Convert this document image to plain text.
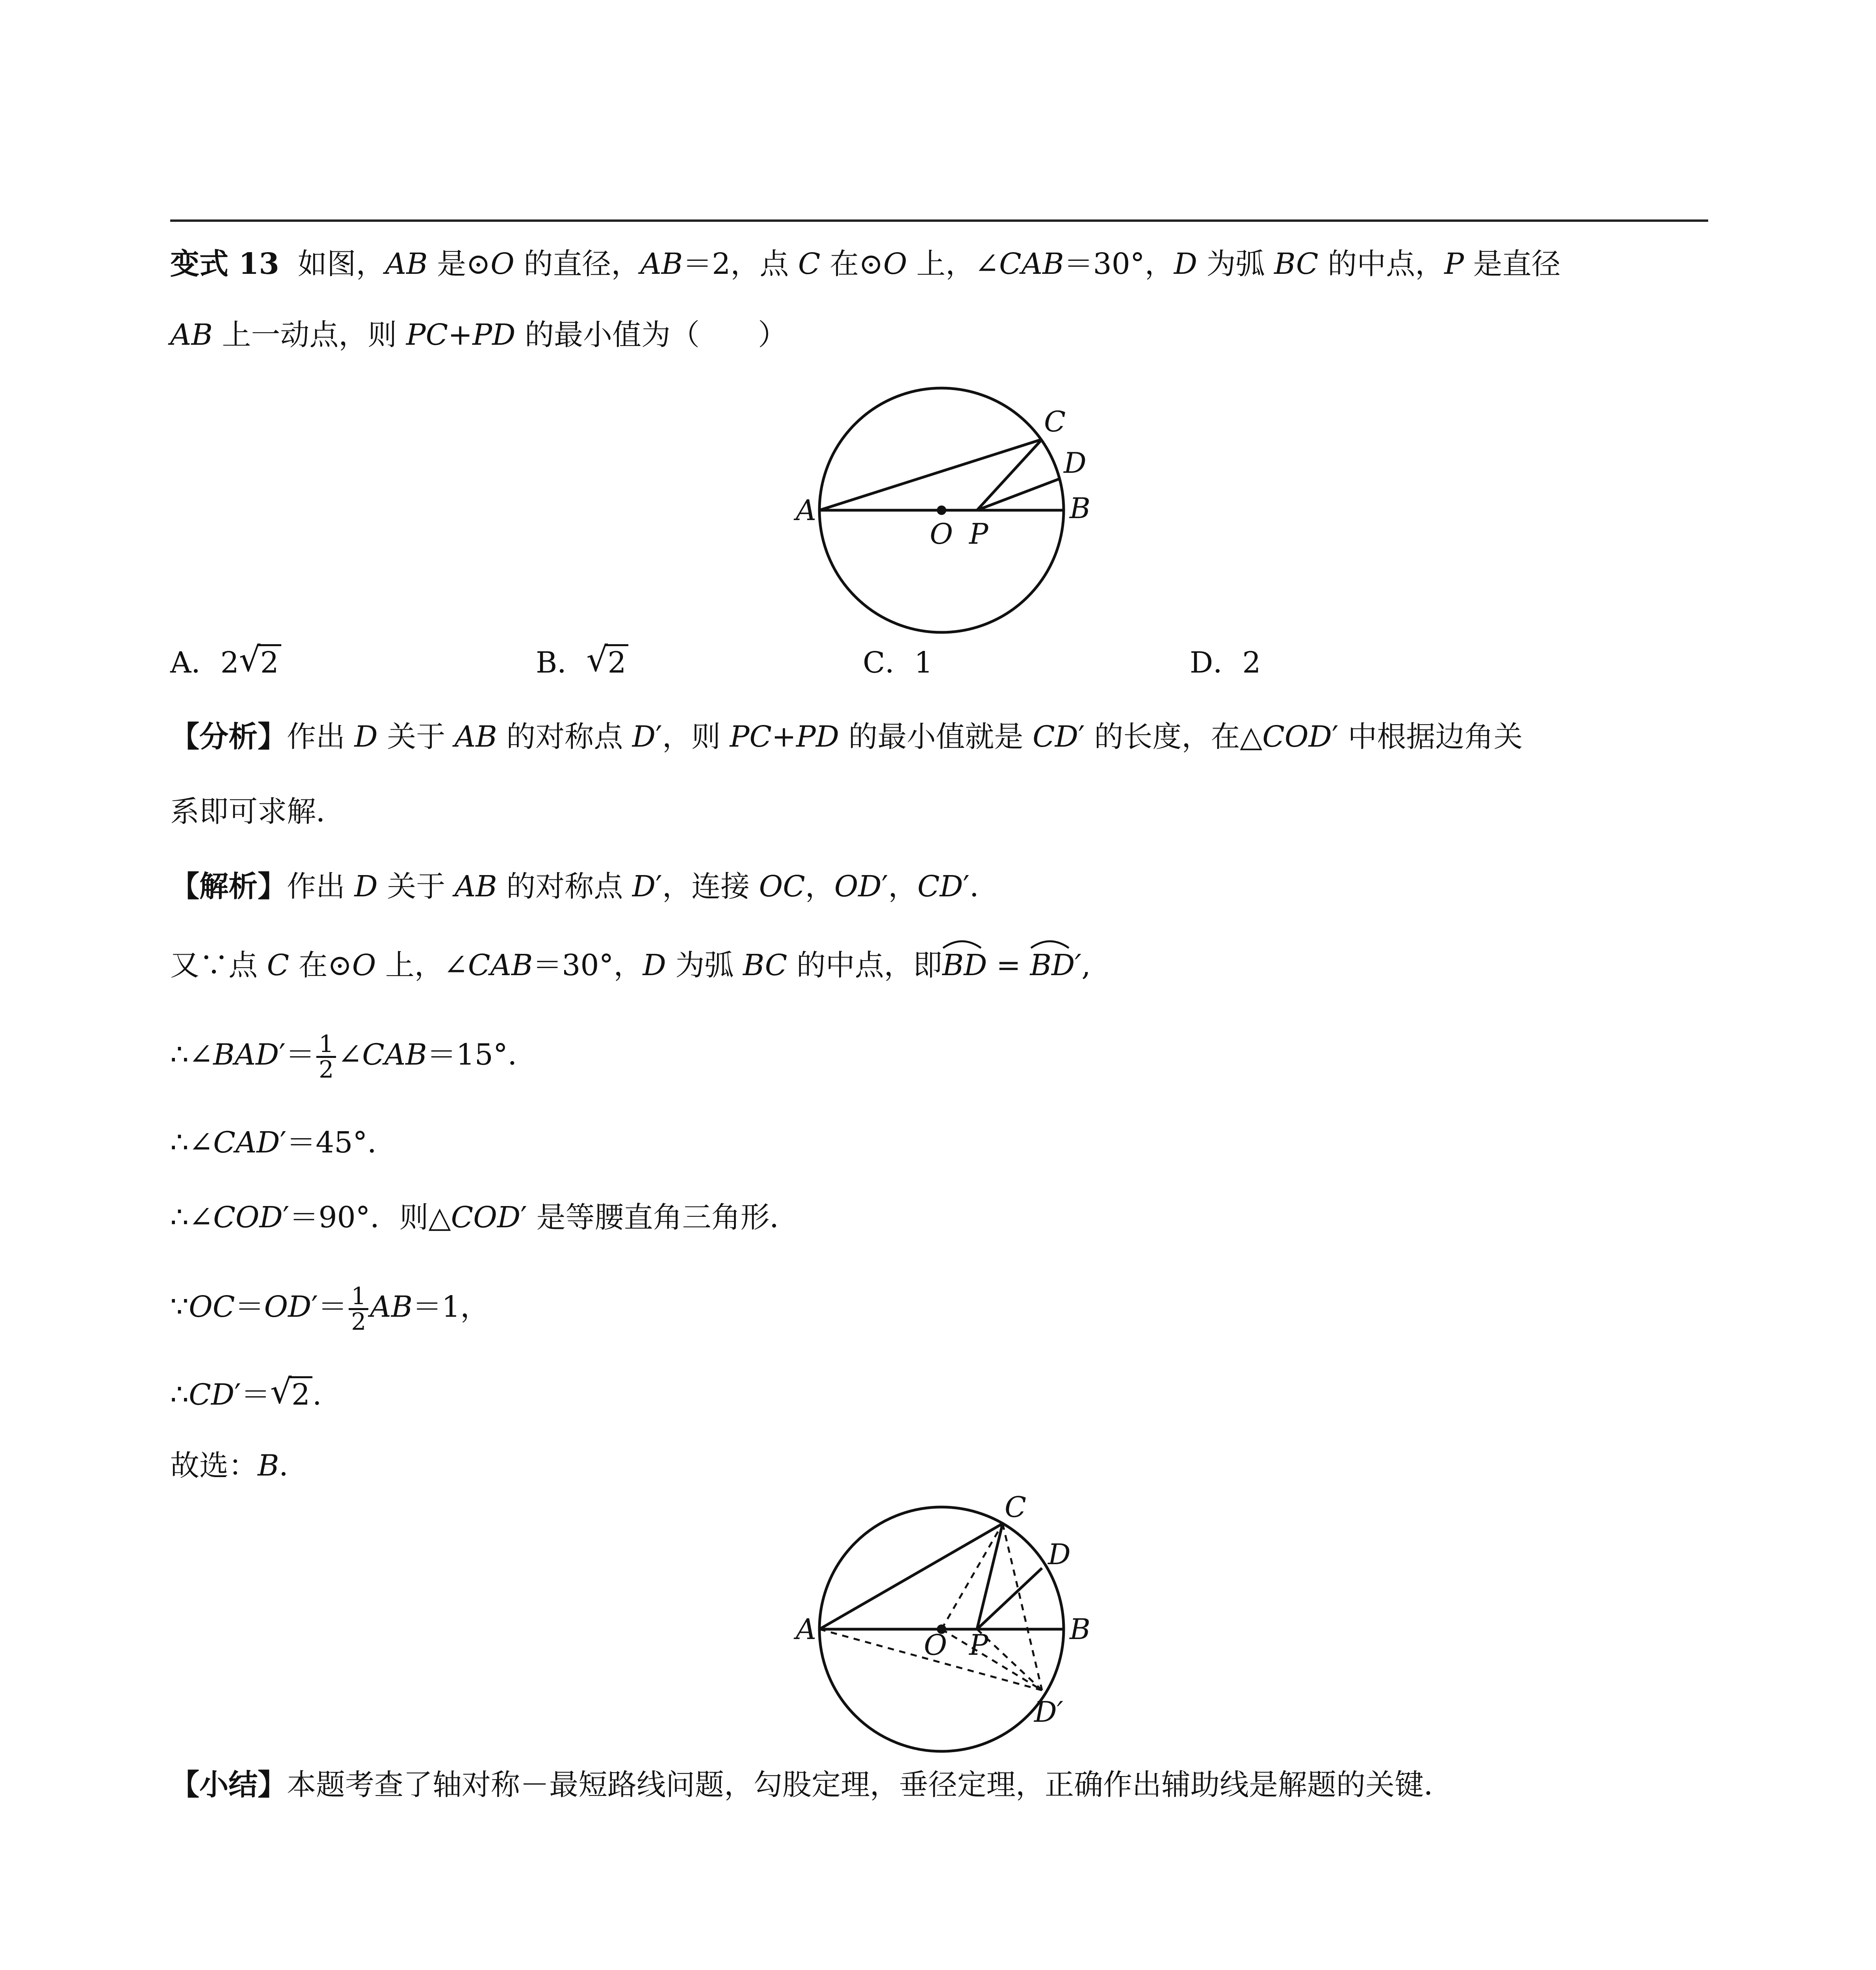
变式 13  如图，AB 是⊙O 的直径，AB＝2，点 C 在⊙O 上，∠CAB＝30°，D 为弧 BC 的中点，P 是直径
AB 上一动点，则 PC+PD 的最小值为（　　）
A	B
C
D
O P
A．2 √ 2	B． √ 2	C．1	D．2
【分析】作出 D 关于 AB 的对称点 D′，则 PC+PD 的最小值就是 CD′ 的长度，在△COD′ 中根据边角关
系即可求解．
【解析】作出 D 关于 AB 的对称点 D′，连接 OC，OD′，CD′．
又∵点 C 在⊙O 上，∠CAB＝30°，D 为弧 BC 的中点，即BD
= BD′
,
∴∠BAD′＝ $\frac{1}{2}$ ∠CAB＝15°．
∴∠CAD′＝45°．
∴∠COD′＝90°．则△COD′ 是等腰直角三角形．
∵OC＝OD′＝ $\frac{1}{2} AB=1$，
∴CD′＝ √ 2.
故选：B．
A	B
C
D
O P
D′
【小结】本题考查了轴对称－最短路线问题，勾股定理，垂径定理，正确作出辅助线是解题的关键．
